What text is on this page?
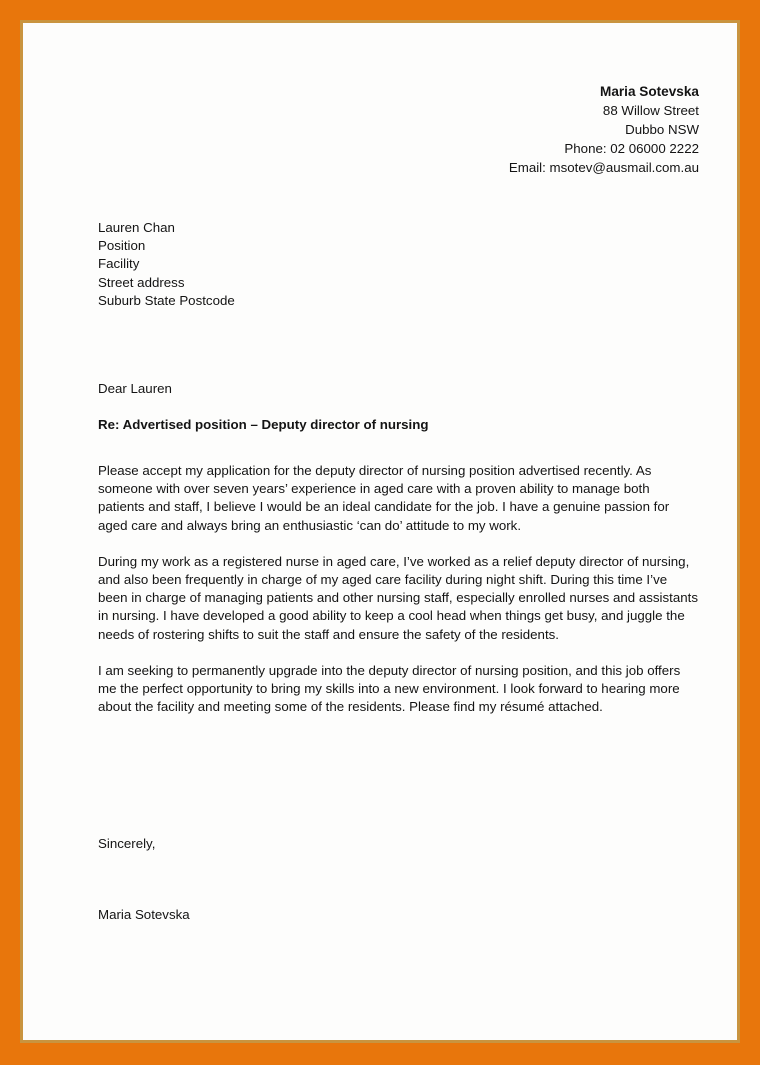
Maria Sotevska
88 Willow Street
Dubbo NSW
Phone: 02 06000 2222
Email: msotev@ausmail.com.au
Lauren Chan
Position
Facility
Street address
Suburb State Postcode
Dear Lauren
Re: Advertised position – Deputy director of nursing

Please accept my application for the deputy director of nursing position advertised recently. As someone with over seven years’ experience in aged care with a proven ability to manage both patients and staff, I believe I would be an ideal candidate for the job. I have a genuine passion for aged care and always bring an enthusiastic ‘can do’ attitude to my work.

During my work as a registered nurse in aged care, I’ve worked as a relief deputy director of nursing, and also been frequently in charge of my aged care facility during night shift. During this time I’ve been in charge of managing patients and other nursing staff, especially enrolled nurses and assistants in nursing. I have developed a good ability to keep a cool head when things get busy, and juggle the needs of rostering shifts to suit the staff and ensure the safety of the residents.

I am seeking to permanently upgrade into the deputy director of nursing position, and this job offers me the perfect opportunity to bring my skills into a new environment. I look forward to hearing more about the facility and meeting some of the residents. Please find my résumé attached.

Sincerely,
Maria Sotevska
